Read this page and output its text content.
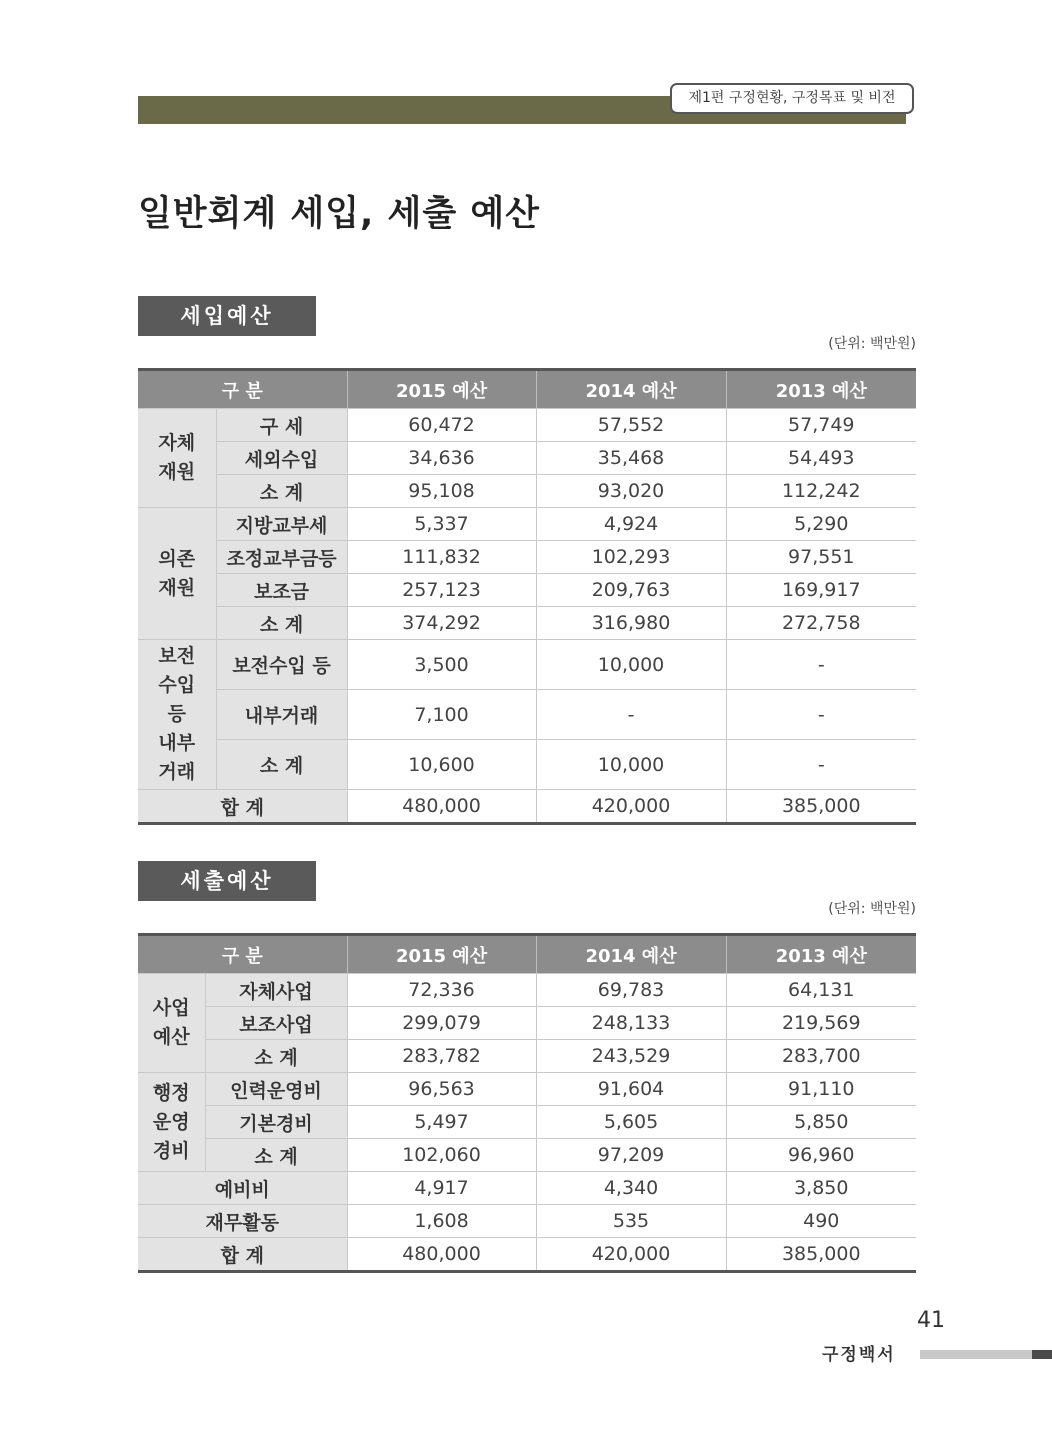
제1편 구정현황, 구정목표 및 비전
일반회계 세입, 세출 예산
세입예산
(단위: 백만원)
구 분		2015 예산	2014 예산	2013 예산
자체
재원	구 세	60,472	57,552	57,749
	세외수입	34,636	35,468	54,493
	소 계	95,108	93,020	112,242
의존
재원	지방교부세	5,337	4,924	5,290
	조정교부금등	111,832	102,293	97,551
	보조금	257,123	209,763	169,917
	소 계	374,292	316,980	272,758
보전
수입
등
내부
거래	보전수입 등	3,500	10,000	-
	내부거래	7,100	-	-
	소 계	10,600	10,000	-
합 계		480,000	420,000	385,000
세출예산
(단위: 백만원)
구 분		2015 예산	2014 예산	2013 예산
사업
예산	자체사업	72,336	69,783	64,131
	보조사업	299,079	248,133	219,569
	소 계	283,782	243,529	283,700
행정
운영
경비	인력운영비	96,563	91,604	91,110
	기본경비	5,497	5,605	5,850
	소 계	102,060	97,209	96,960
예비비		4,917	4,340	3,850
재무활동		1,608	535	490
합 계		480,000	420,000	385,000
41
구정백서
